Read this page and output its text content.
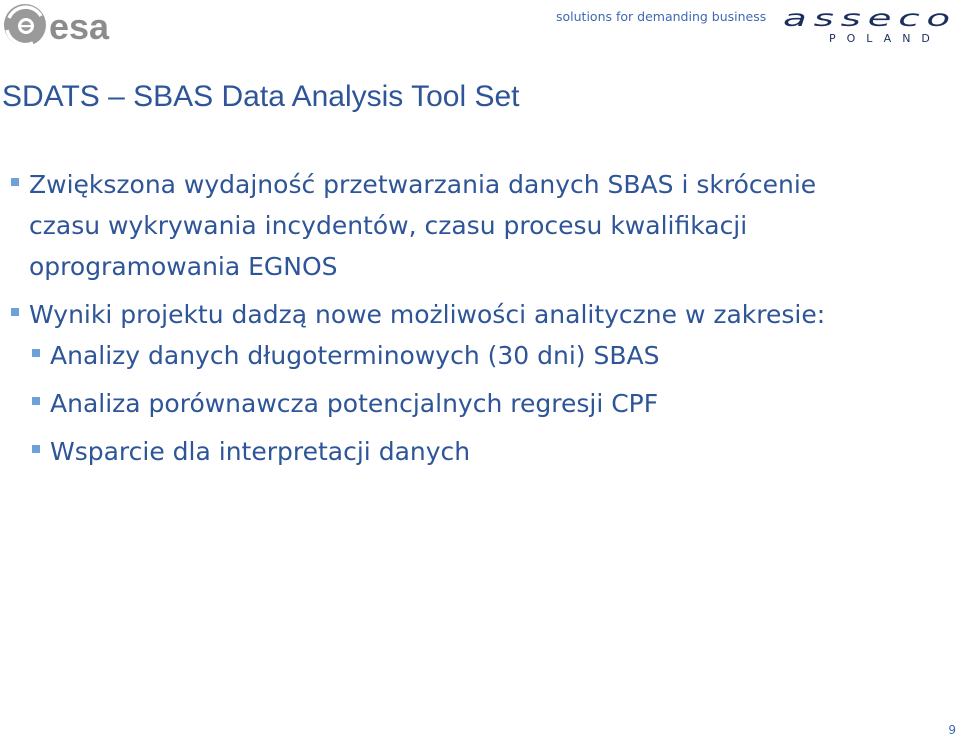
esa	solutions for demanding business asseco
POLAND
SDATS – SBAS Data Analysis Tool Set
Zwiększona wydajność przetwarzania danych SBAS i skrócenie
czasu wykrywania incydentów, czasu procesu kwalifikacji
oprogramowania EGNOS
Wyniki projektu dadzą nowe możliwości analityczne w zakresie:
Analizy danych długoterminowych (30 dni) SBAS
Analiza porównawcza potencjalnych regresji CPF
Wsparcie dla interpretacji danych
9
